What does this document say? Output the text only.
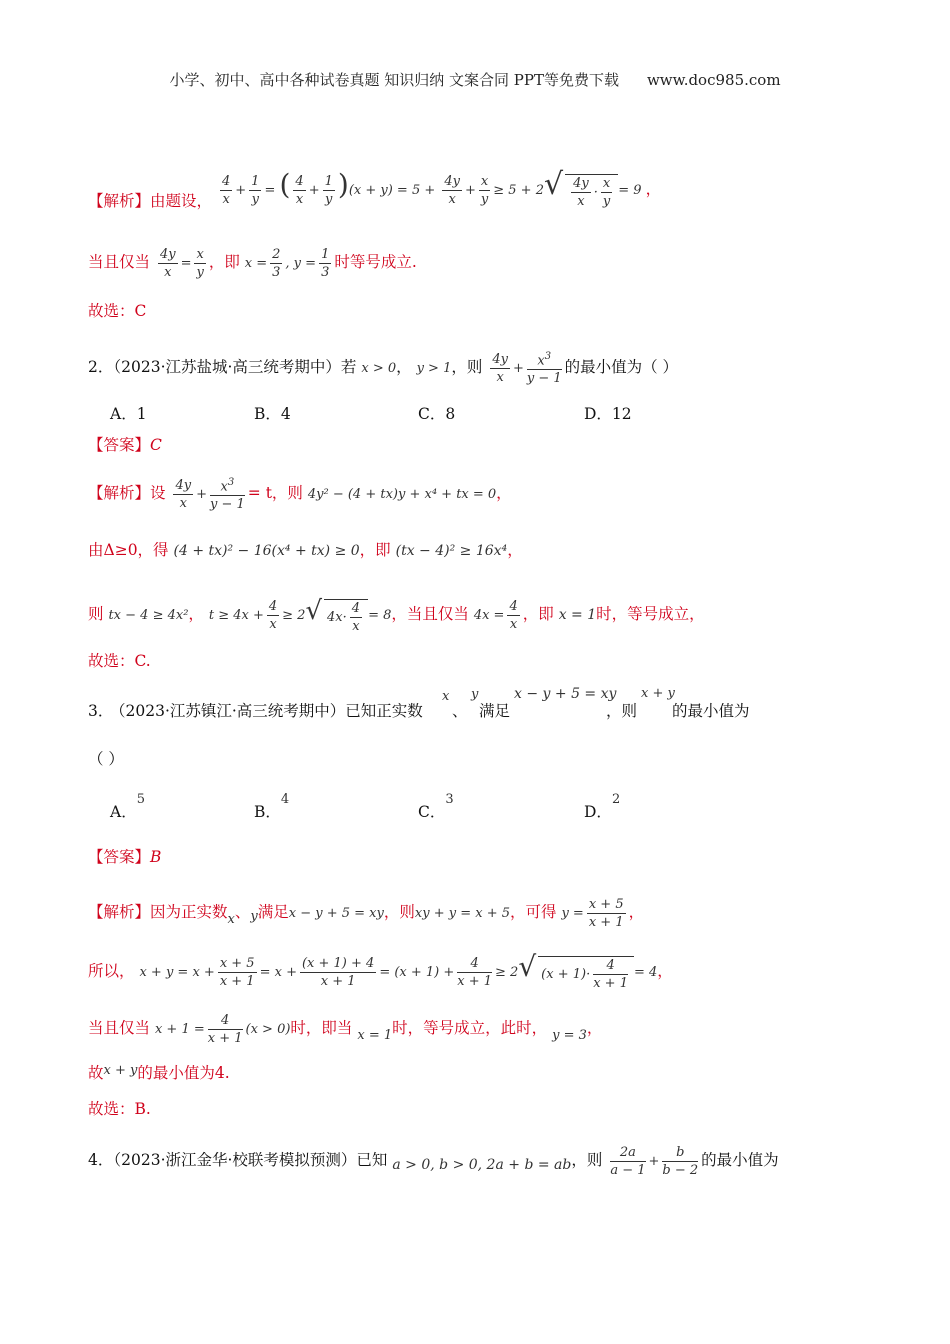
小学、初中、高中各种试卷真题 知识归纳 文案合同 PPT等免费下载 www.doc985.com
【解析】由题设， $\frac{4}{x} + \frac{1}{y}$ = ( $\frac{4}{x} + \frac{1}{y} )(x + y) = 5 + \frac{4y}{x} + \frac{x}{y} \ge 5 + 2√ \frac{4y}{x} \cdot \frac{x}{y} = 9$ ，
当且仅当 $\frac{4y}{x} = \frac{x}{y}$ ，即 $x = \frac{2}{3}$ , $y = \frac{1}{3}$ 时等号成立.
故选：C
2．（2023·江苏盐城·高三统考期中）若 x > 0， y > 1，则 $\frac{4y}{x} + \frac{x^3}{y - 1}$ 的最小值为（ ）
A．1	B．4	C．8	D．12
【答案】C
【解析】设 $\frac{4y}{x} + \frac{x^3}{y - 1} = t$，则 4y² − (4 + tx)y + x⁴ + tx = 0，
由Δ≥0，得 (4 + tx)² − 16(x⁴ + tx) ≥ 0，即 (tx − 4)² ≥ 16x⁴，
则 tx − 4 ≥ 4x²， $t \ge 4x + \frac{4}{x} \ge 2√$ $4x\cdot \frac{4}{x} = 8$，当且仅当 $4x = \frac{4}{x}$ ，即 x = 1时，等号成立，
故选：C.
3．
（2023·江苏镇江·高三统考期中）已知正实数
x
、
y
满足
x − y + 5 = xy
，则
x + y
的最小值为
（ ）
A．$^5$
B．$^4$
C．$^3$
D．$^2$
【答案】B
【解析】因为正实数$_x$、y满足x − y + 5 = xy，则xy + y = x + 5，可得 $y = \frac{x + 5}{x + 1}$ ，
所以， $x + y = x + \frac{x + 5}{x + 1} = x + \frac{(x + 1) + 4}{x + 1} = (x + 1) + \frac{4}{x + 1} \ge 2√$ $(x + 1)\cdot \frac{4}{x + 1} = 4$，
当且仅当 $x + 1 = \frac{4}{x + 1} (x > 0)$时，即当 $_{x = 1}$时，等号成立，此时， $_{y = 3}$，
故$^{x + y}$的最小值为4.
故选：B.
4．（2023·浙江金华·校联考模拟预测）已知 a > 0, b > 0, 2a + b = ab，则 $\frac{2a}{a - 1} + \frac{b}{b - 2}$ 的最小值为
